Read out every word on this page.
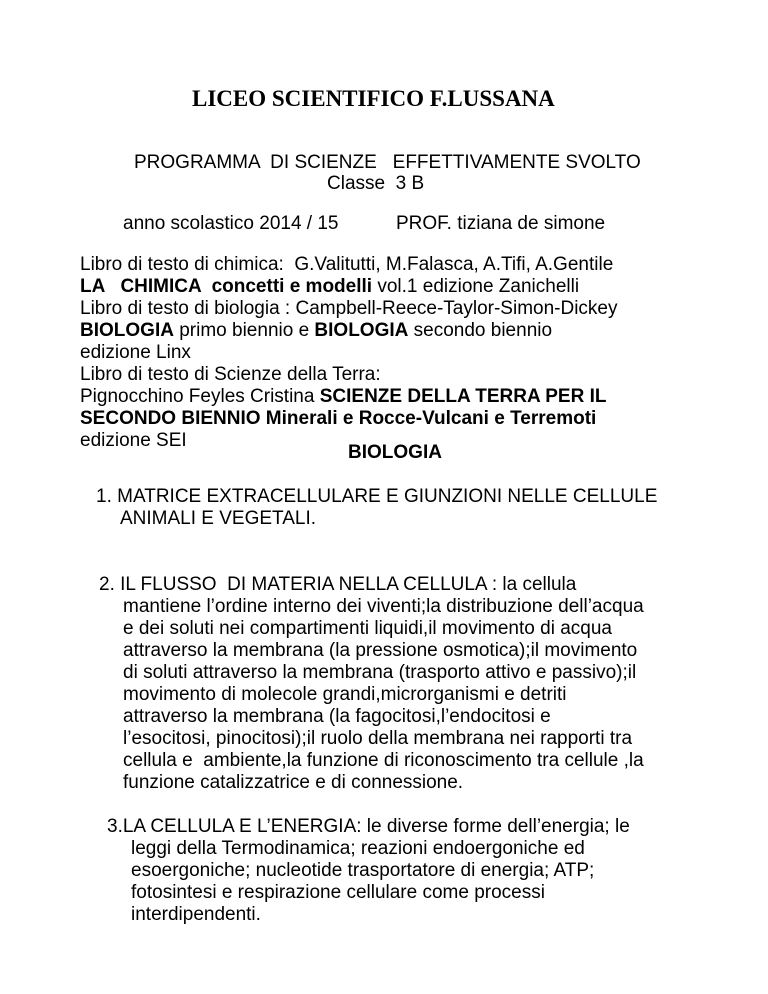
LICEO SCIENTIFICO F.LUSSANA
PROGRAMMA  DI SCIENZE   EFFETTIVAMENTE SVOLTO
Classe  3 B
anno scolastico 2014 / 15	PROF. tiziana de simone
Libro di testo di chimica:  G.Valitutti, M.Falasca, A.Tifi, A.Gentile
LA   CHIMICA  concetti e modelli vol.1 edizione Zanichelli
Libro di testo di biologia : Campbell-Reece-Taylor-Simon-Dickey
BIOLOGIA primo biennio e BIOLOGIA secondo biennio
edizione Linx
Libro di testo di Scienze della Terra:
Pignocchino Feyles Cristina SCIENZE DELLA TERRA PER IL
SECONDO BIENNIO Minerali e Rocce-Vulcani e Terremoti
edizione SEI
BIOLOGIA
1. MATRICE EXTRACELLULARE E GIUNZIONI NELLE CELLULE
ANIMALI E VEGETALI.
2. IL FLUSSO  DI MATERIA NELLA CELLULA : la cellula
mantiene l’ordine interno dei viventi;la distribuzione dell’acqua
e dei soluti nei compartimenti liquidi,il movimento di acqua
attraverso la membrana (la pressione osmotica);il movimento
di soluti attraverso la membrana (trasporto attivo e passivo);il
movimento di molecole grandi,microrganismi e detriti
attraverso la membrana (la fagocitosi,l’endocitosi e
l’esocitosi, pinocitosi);il ruolo della membrana nei rapporti tra
cellula e  ambiente,la funzione di riconoscimento tra cellule ,la
funzione catalizzatrice e di connessione.
3.LA CELLULA E L’ENERGIA: le diverse forme dell’energia; le
leggi della Termodinamica; reazioni endoergoniche ed
esoergoniche; nucleotide trasportatore di energia; ATP;
fotosintesi e respirazione cellulare come processi
interdipendenti.
